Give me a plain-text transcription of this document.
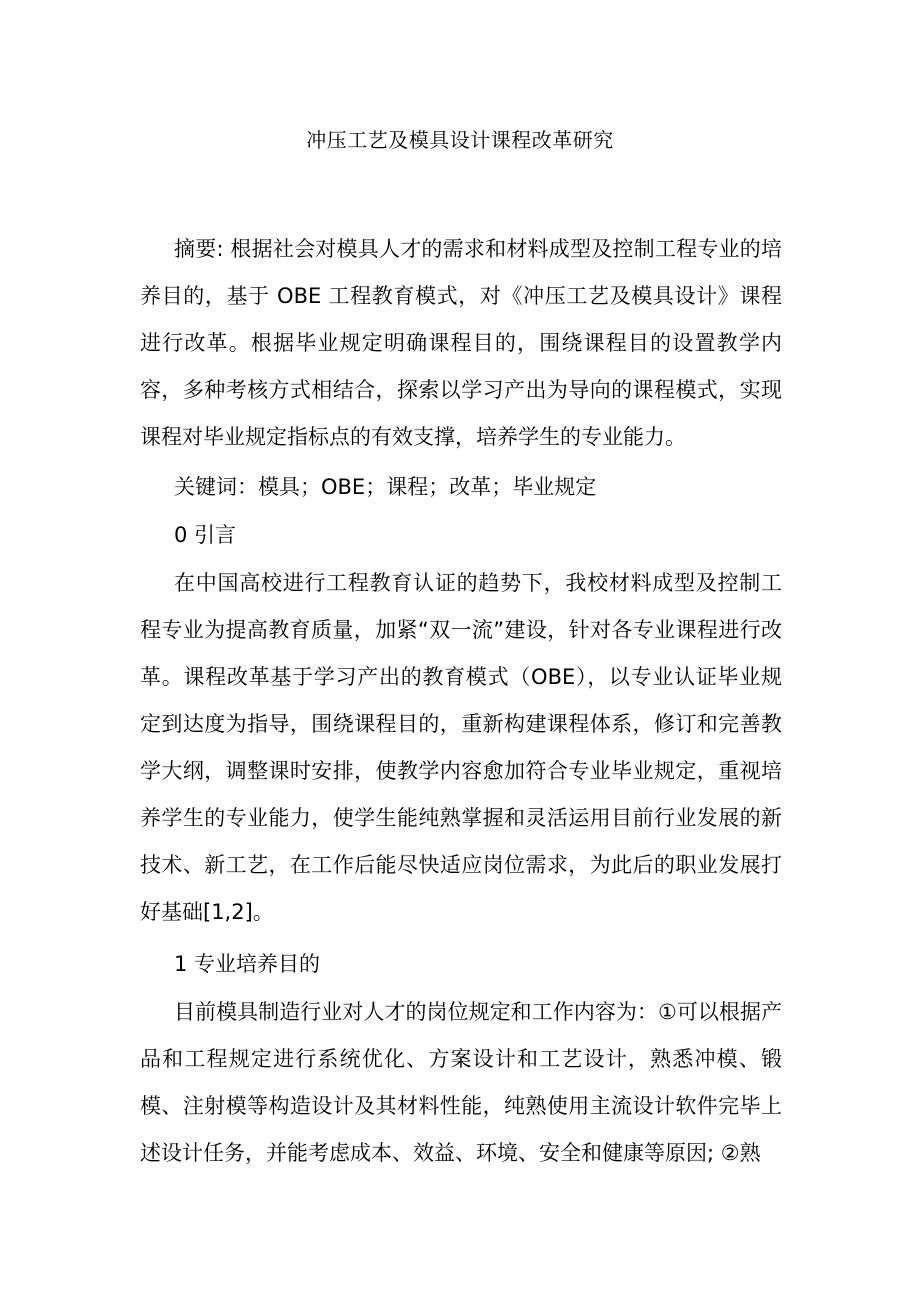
冲压工艺及模具设计课程改革研究

摘要: 根据社会对模具人才的需求和材料成型及控制工程专业的培养目的，基于 OBE 工程教育模式，对《冲压工艺及模具设计》课程进行改革。根据毕业规定明确课程目的，围绕课程目的设置教学内容，多种考核方式相结合，探索以学习产出为导向的课程模式，实现课程对毕业规定指标点的有效支撑，培养学生的专业能力。

关键词：模具；OBE；课程；改革；毕业规定

0 引言

在中国高校进行工程教育认证的趋势下，我校材料成型及控制工程专业为提高教育质量，加紧“双一流”建设，针对各专业课程进行改革。课程改革基于学习产出的教育模式（OBE），以专业认证毕业规定到达度为指导，围绕课程目的，重新构建课程体系，修订和完善教学大纲，调整课时安排，使教学内容愈加符合专业毕业规定，重视培养学生的专业能力，使学生能纯熟掌握和灵活运用目前行业发展的新技术、新工艺，在工作后能尽快适应岗位需求，为此后的职业发展打好基础[1,2]。

1 专业培养目的

目前模具制造行业对人才的岗位规定和工作内容为：①可以根据产品和工程规定进行系统优化、方案设计和工艺设计，熟悉冲模、锻模、注射模等构造设计及其材料性能，纯熟使用主流设计软件完毕上述设计任务，并能考虑成本、效益、环境、安全和健康等原因; ②熟
